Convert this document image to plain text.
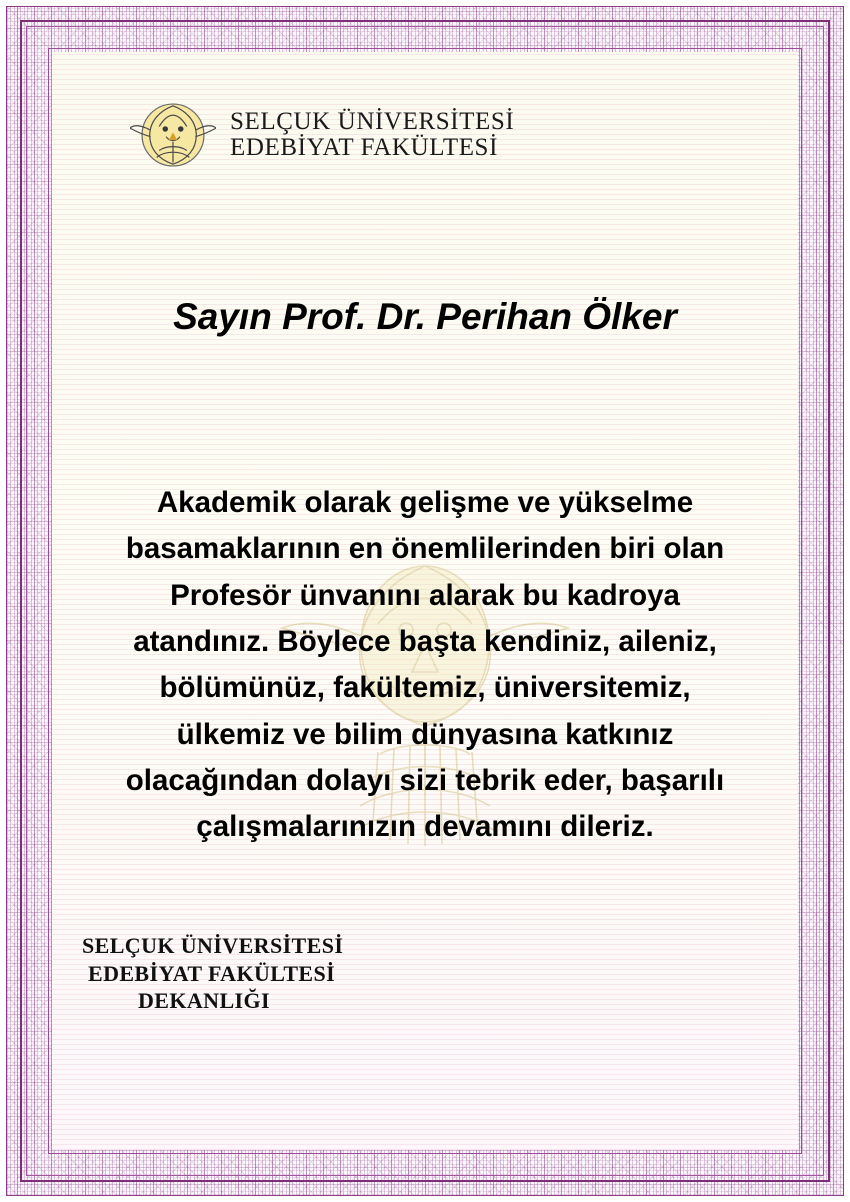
SELÇUK ÜNİVERSİTESİ
EDEBİYAT FAKÜLTESİ
Sayın Prof. Dr. Perihan Ölker
Akademik olarak gelişme ve yükselme basamaklarının en önemlilerinden biri olan Profesör ünvanını alarak bu kadroya atandınız. Böylece başta kendiniz, aileniz, bölümünüz, fakültemiz, üniversitemiz, ülkemiz ve bilim dünyasına katkınız olacağından dolayı sizi tebrik eder, başarılı çalışmalarınızın devamını dileriz.
SELÇUK ÜNİVERSİTESİ
EDEBİYAT FAKÜLTESİ
DEKANLIĞI
